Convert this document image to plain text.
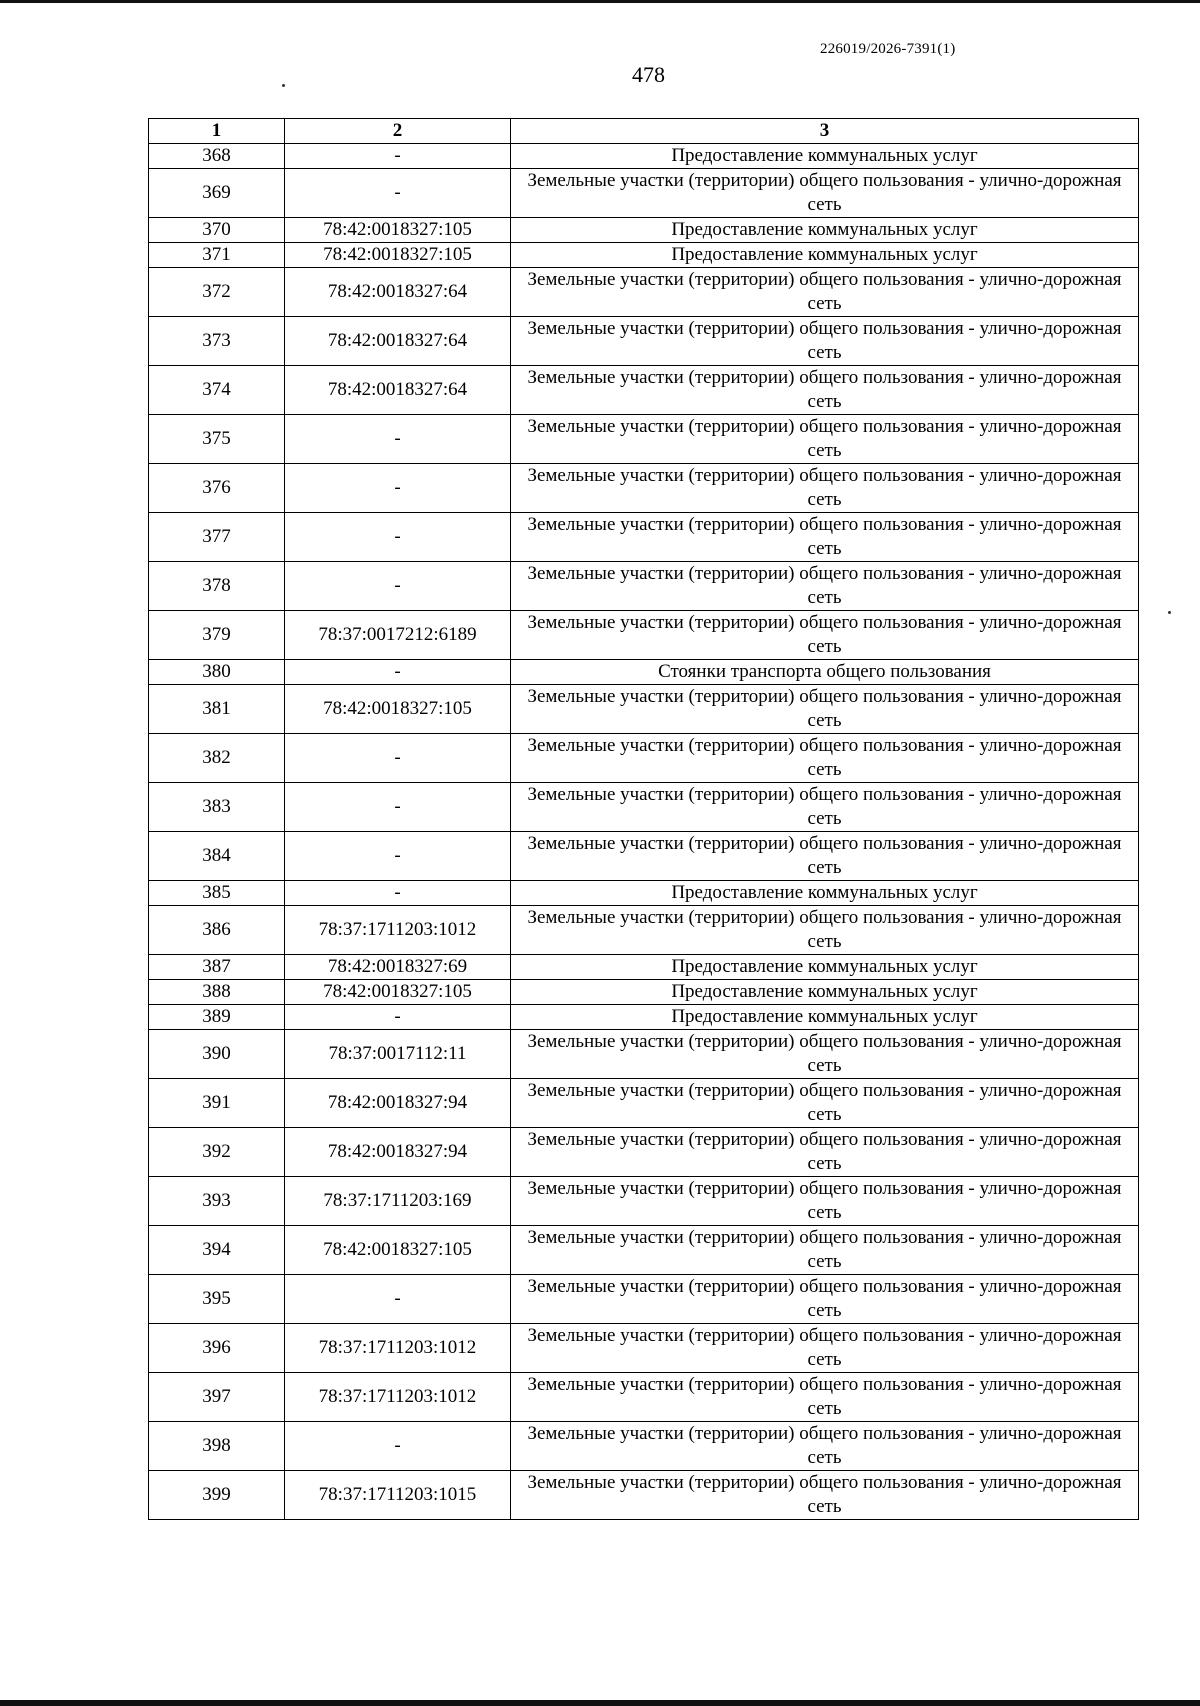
226019/2026-7391(1)
478
1	2	3
368	-	Предоставление коммунальных услуг
369	-	Земельные участки (территории) общего пользования - улично-дорожная сеть
370	78:42:0018327:105	Предоставление коммунальных услуг
371	78:42:0018327:105	Предоставление коммунальных услуг
372	78:42:0018327:64	Земельные участки (территории) общего пользования - улично-дорожная сеть
373	78:42:0018327:64	Земельные участки (территории) общего пользования - улично-дорожная сеть
374	78:42:0018327:64	Земельные участки (территории) общего пользования - улично-дорожная сеть
375	-	Земельные участки (территории) общего пользования - улично-дорожная сеть
376	-	Земельные участки (территории) общего пользования - улично-дорожная сеть
377	-	Земельные участки (территории) общего пользования - улично-дорожная сеть
378	-	Земельные участки (территории) общего пользования - улично-дорожная сеть
379	78:37:0017212:6189	Земельные участки (территории) общего пользования - улично-дорожная сеть
380	-	Стоянки транспорта общего пользования
381	78:42:0018327:105	Земельные участки (территории) общего пользования - улично-дорожная сеть
382	-	Земельные участки (территории) общего пользования - улично-дорожная сеть
383	-	Земельные участки (территории) общего пользования - улично-дорожная сеть
384	-	Земельные участки (территории) общего пользования - улично-дорожная сеть
385	-	Предоставление коммунальных услуг
386	78:37:1711203:1012	Земельные участки (территории) общего пользования - улично-дорожная сеть
387	78:42:0018327:69	Предоставление коммунальных услуг
388	78:42:0018327:105	Предоставление коммунальных услуг
389	-	Предоставление коммунальных услуг
390	78:37:0017112:11	Земельные участки (территории) общего пользования - улично-дорожная сеть
391	78:42:0018327:94	Земельные участки (территории) общего пользования - улично-дорожная сеть
392	78:42:0018327:94	Земельные участки (территории) общего пользования - улично-дорожная сеть
393	78:37:1711203:169	Земельные участки (территории) общего пользования - улично-дорожная сеть
394	78:42:0018327:105	Земельные участки (территории) общего пользования - улично-дорожная сеть
395	-	Земельные участки (территории) общего пользования - улично-дорожная сеть
396	78:37:1711203:1012	Земельные участки (территории) общего пользования - улично-дорожная сеть
397	78:37:1711203:1012	Земельные участки (территории) общего пользования - улично-дорожная сеть
398	-	Земельные участки (территории) общего пользования - улично-дорожная сеть
399	78:37:1711203:1015	Земельные участки (территории) общего пользования - улично-дорожная сеть
